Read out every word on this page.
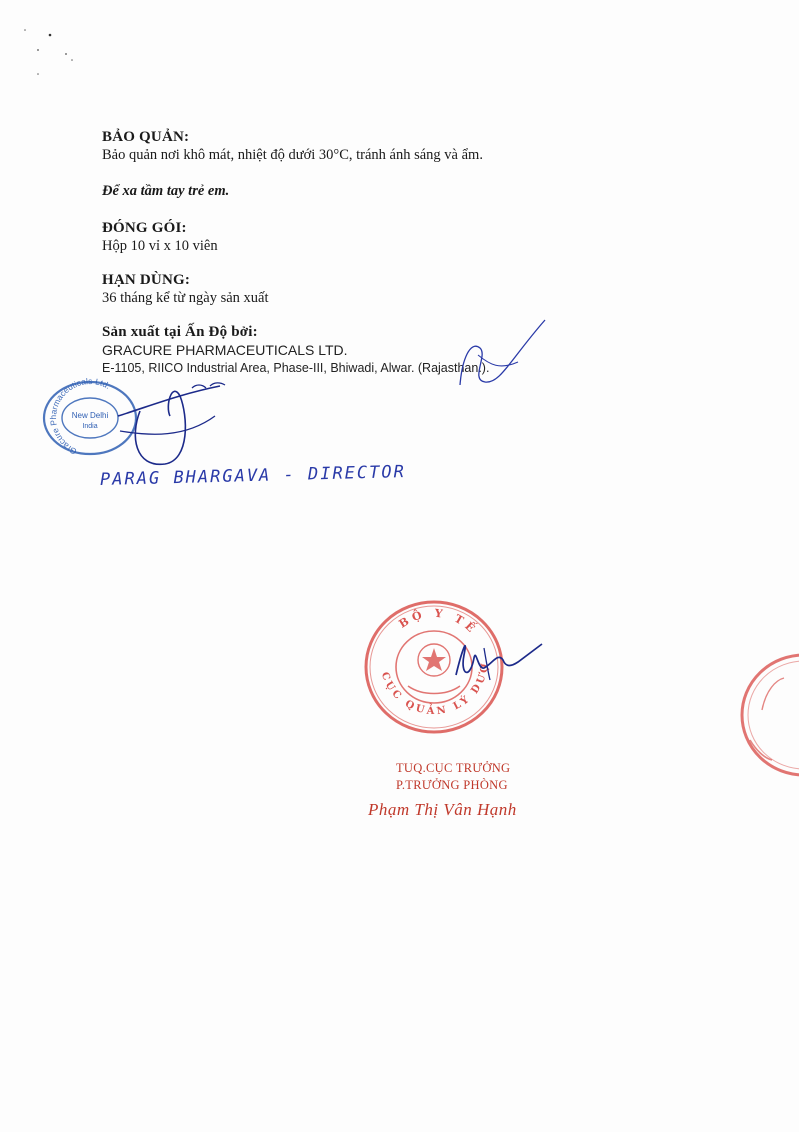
BẢO QUẢN:
Bảo quản nơi khô mát, nhiệt độ dưới 30°C, tránh ánh sáng và ẩm.
Để xa tầm tay trẻ em.
ĐÓNG GÓI:
Hộp 10 vỉ x 10 viên
HẠN DÙNG:
36 tháng kể từ ngày sản xuất
Sản xuất tại Ấn Độ bởi:
GRACURE PHARMACEUTICALS LTD.
E-1105, RIICO Industrial Area, Phase-III, Bhiwadi, Alwar. (Rajasthan.).
Gracure Pharmaceuticals Ltd.
New Delhi
India
PARAG BHARGAVA - DIRECTOR
BỘ Y TẾ
CỤC QUẢN LÝ DƯỢC
TUQ.CỤC TRƯỞNG
P.TRƯỞNG PHÒNG
Phạm Thị Vân Hạnh
